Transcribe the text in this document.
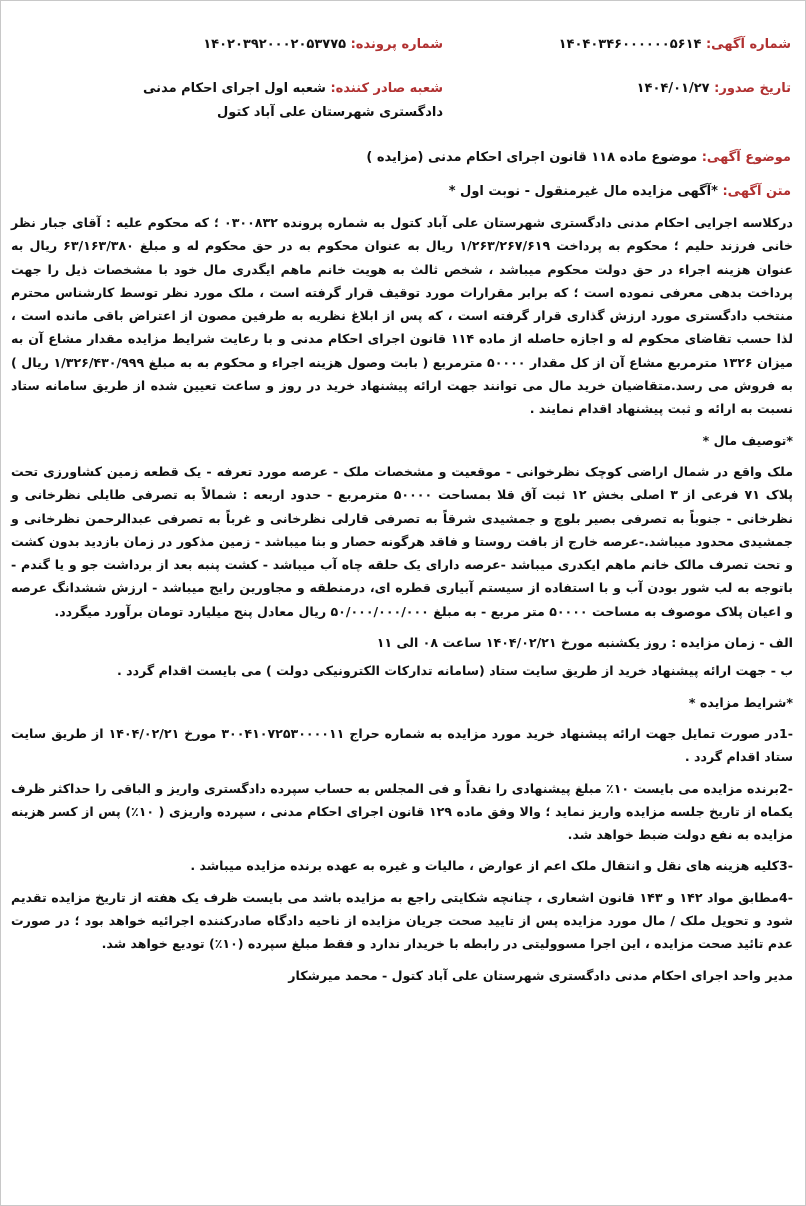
شماره آگهی: ۱۴۰۴۰۳۴۶۰۰۰۰۰۰۵۶۱۴
شماره پرونده: ۱۴۰۲۰۳۹۲۰۰۰۲۰۵۳۷۷۵
تاریخ صدور: ۱۴۰۴/۰۱/۲۷
شعبه صادر کننده: شعبه اول اجرای احکام مدنی دادگستری شهرستان علی آباد کتول
موضوع آگهی: موضوع ماده ۱۱۸ قانون اجرای احکام مدنی (مزایده )
متن آگهی: *آگهی مزایده مال غیرمنقول - نوبت اول *

درکلاسه اجرایی احکام مدنی دادگستری شهرستان علی آباد کتول به شماره پرونده ۰۳۰۰۸۳۲ ؛ که محکوم علیه : آقای جبار نظر خانی فرزند حلیم ؛ محکوم به پرداخت ۱/۲۶۳/۲۶۷/۶۱۹ ریال به عنوان محکوم به در حق محکوم له و مبلغ ۶۳/۱۶۳/۳۸۰ ریال به عنوان هزینه اجراء در حق دولت محکوم میباشد ، شخص ثالث به هویت خانم ماهم ایگدری مال خود با مشخصات ذیل را جهت پرداخت بدهی معرفی نموده است ؛ که برابر مقرارات مورد توقیف قرار گرفته است ، ملک مورد نظر توسط کارشناس محترم منتخب دادگستری مورد ارزش گذاری قرار گرفته است ، که پس از ابلاغ نظریه به طرفین مصون از اعتراض باقی مانده است ، لذا حسب تقاضای محکوم له و اجازه حاصله از ماده ۱۱۴ قانون اجرای احکام مدنی و با رعایت شرایط مزایده مقدار مشاع آن به میزان ۱۳۲۶ مترمربع مشاع آن از کل مقدار ۵۰۰۰۰ مترمربع ( بابت وصول هزینه اجراء و محکوم به به مبلغ ۱/۳۲۶/۴۳۰/۹۹۹ ریال ) به فروش می رسد.متقاضیان خرید مال می توانند جهت ارائه پیشنهاد خرید در روز و ساعت تعیین شده از طریق سامانه ستاد نسبت به ارائه و ثبت پیشنهاد اقدام نمایند .

*توصیف مال *

ملک واقع در شمال اراضی کوچک نظرخوانی - موقعیت و مشخصات ملک - عرصه مورد تعرفه - یک قطعه زمین کشاورزی تحت پلاک ۷۱ فرعی از ۳ اصلی بخش ۱۲ ثبت آق قلا بمساحت ۵۰۰۰۰ مترمربع - حدود اربعه : شمالاً به تصرفی طایلی نظرخانی و نظرخانی - جنوباً به تصرفی بصیر بلوچ و جمشیدی شرقاً به تصرفی قارلی نظرخانی و غرباً به تصرفی عبدالرحمن نظرخانی و جمشیدی محدود میباشد.-عرصه خارج از بافت روستا و فاقد هرگونه حصار و بنا میباشد - زمین مذکور در زمان بازدید بدون کشت و تحت تصرف مالک خانم ماهم ایکدری میباشد -عرصه دارای یک حلقه چاه آب میباشد - کشت پنبه بعد از برداشت جو و یا گندم - باتوجه به لب شور بودن آب و با استفاده از سیستم آبیاری قطره ای، درمنطقه و مجاورین رایج میباشد - ارزش ششدانگ عرصه و اعیان پلاک موصوف به مساحت ۵۰۰۰۰ متر مربع - به مبلغ ۵۰/۰۰۰/۰۰۰/۰۰۰ ریال معادل پنج میلیارد تومان برآورد میگردد.

الف - زمان مزایده : روز یکشنبه مورخ ۱۴۰۴/۰۲/۲۱ ساعت ۰۸ الی ۱۱

ب - جهت ارائه پیشنهاد خرید از طریق سایت ستاد (سامانه تدارکات الکترونیکی دولت ) می بایست اقدام گردد .

*شرایط مزایده *

-1در صورت تمایل جهت ارائه پیشنهاد خرید مورد مزایده به شماره حراج ۳۰۰۴۱۰۷۲۵۳۰۰۰۰۱۱ مورخ ۱۴۰۴/۰۲/۲۱ از طریق سایت ستاد اقدام گردد .

-2برنده مزایده می بایست ۱۰٪ مبلغ پیشنهادی را نقداً و فی المجلس به حساب سپرده دادگستری واریز و الباقی را حداکثر ظرف یکماه از تاریخ جلسه مزایده واریز نماید ؛ والا وفق ماده ۱۲۹ قانون اجرای احکام مدنی ، سپرده واریزی ( ۱۰٪) پس از کسر هزینه مزایده به نفع دولت ضبط خواهد شد.

-3کلیه هزینه های نقل و انتقال ملک اعم از عوارض ، مالیات و غیره به عهده برنده مزایده میباشد .

-4مطابق مواد ۱۴۲ و ۱۴۳ قانون اشعاری ، چنانچه شکایتی راجع به مزایده باشد می بایست ظرف یک هفته از تاریخ مزایده تقدیم شود و تحویل ملک / مال مورد مزایده پس از تایید صحت جریان مزایده از ناحیه دادگاه صادرکننده اجرائیه خواهد بود ؛ در صورت عدم تائید صحت مزایده ، این اجرا مسوولیتی در رابطه با خریدار ندارد و فقط مبلغ سپرده (۱۰٪) تودیع خواهد شد.

مدیر واحد اجرای احکام مدنی دادگستری شهرستان علی آباد کتول - محمد میرشکار
